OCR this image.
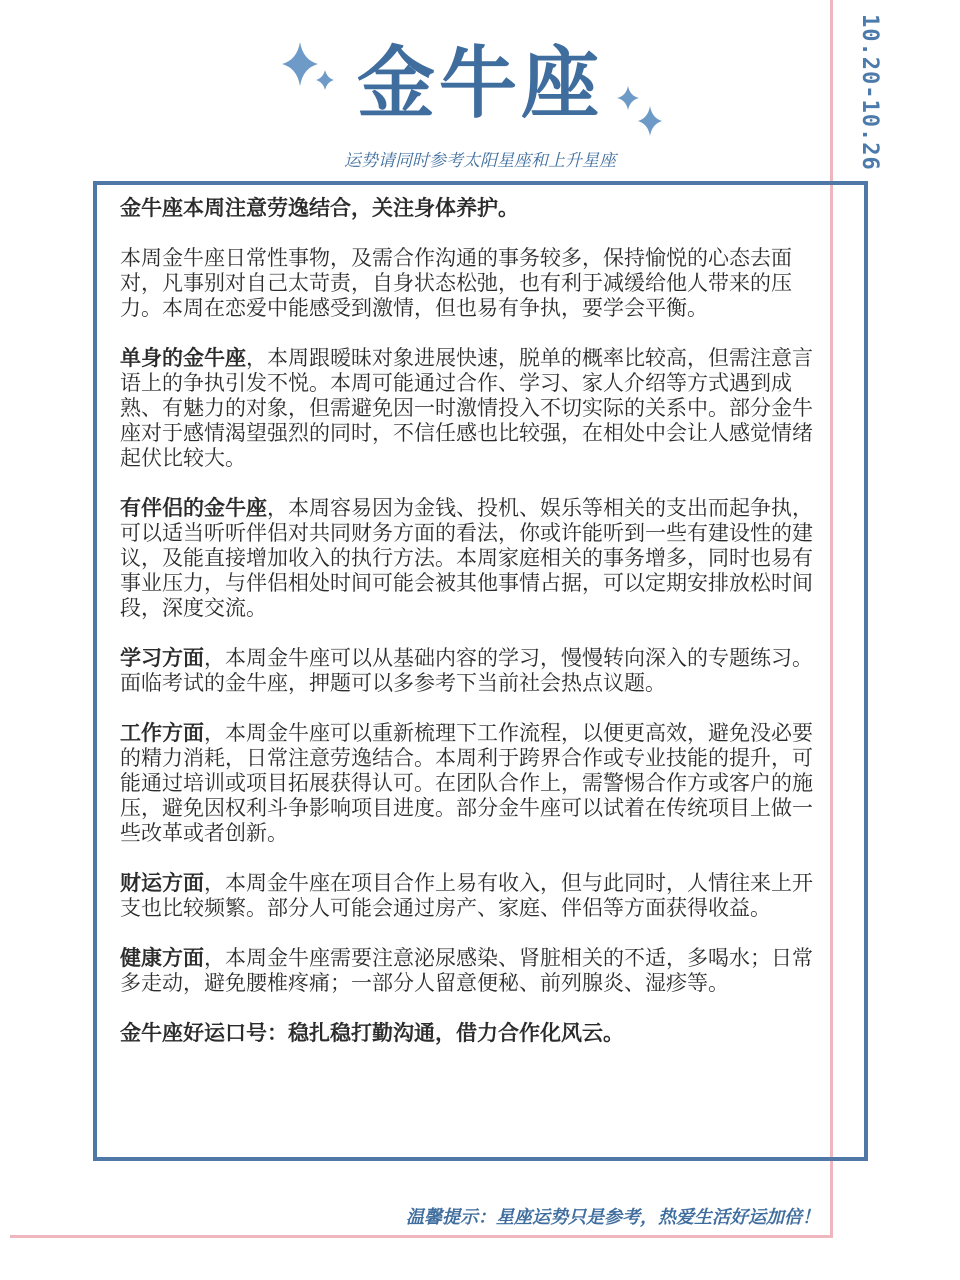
10.20-10.26
金牛座
运势请同时参考太阳星座和上升星座

金牛座本周注意劳逸结合，关注身体养护。

本周金牛座日常性事物，及需合作沟通的事务较多，保持愉悦的心态去面对，凡事别对自己太苛责，自身状态松弛，也有利于减缓给他人带来的压力。本周在恋爱中能感受到激情，但也易有争执，要学会平衡。

单身的金牛座，本周跟暧昧对象进展快速，脱单的概率比较高，但需注意言语上的争执引发不悦。本周可能通过合作、学习、家人介绍等方式遇到成熟、有魅力的对象，但需避免因一时激情投入不切实际的关系中。部分金牛座对于感情渴望强烈的同时，不信任感也比较强，在相处中会让人感觉情绪起伏比较大。

有伴侣的金牛座，本周容易因为金钱、投机、娱乐等相关的支出而起争执，可以适当听听伴侣对共同财务方面的看法，你或许能听到一些有建设性的建议，及能直接增加收入的执行方法。本周家庭相关的事务增多，同时也易有事业压力，与伴侣相处时间可能会被其他事情占据，可以定期安排放松时间段，深度交流。

学习方面，本周金牛座可以从基础内容的学习，慢慢转向深入的专题练习。面临考试的金牛座，押题可以多参考下当前社会热点议题。

工作方面，本周金牛座可以重新梳理下工作流程，以便更高效，避免没必要的精力消耗，日常注意劳逸结合。本周利于跨界合作或专业技能的提升，可能通过培训或项目拓展获得认可。在团队合作上，需警惕合作方或客户的施压，避免因权利斗争影响项目进度。部分金牛座可以试着在传统项目上做一些改革或者创新。

财运方面，本周金牛座在项目合作上易有收入，但与此同时，人情往来上开支也比较频繁。部分人可能会通过房产、家庭、伴侣等方面获得收益。

健康方面，本周金牛座需要注意泌尿感染、肾脏相关的不适，多喝水；日常多走动，避免腰椎疼痛；一部分人留意便秘、前列腺炎、湿疹等。

金牛座好运口号：稳扎稳打勤沟通，借力合作化风云。

温馨提示：星座运势只是参考，热爱生活好运加倍！
